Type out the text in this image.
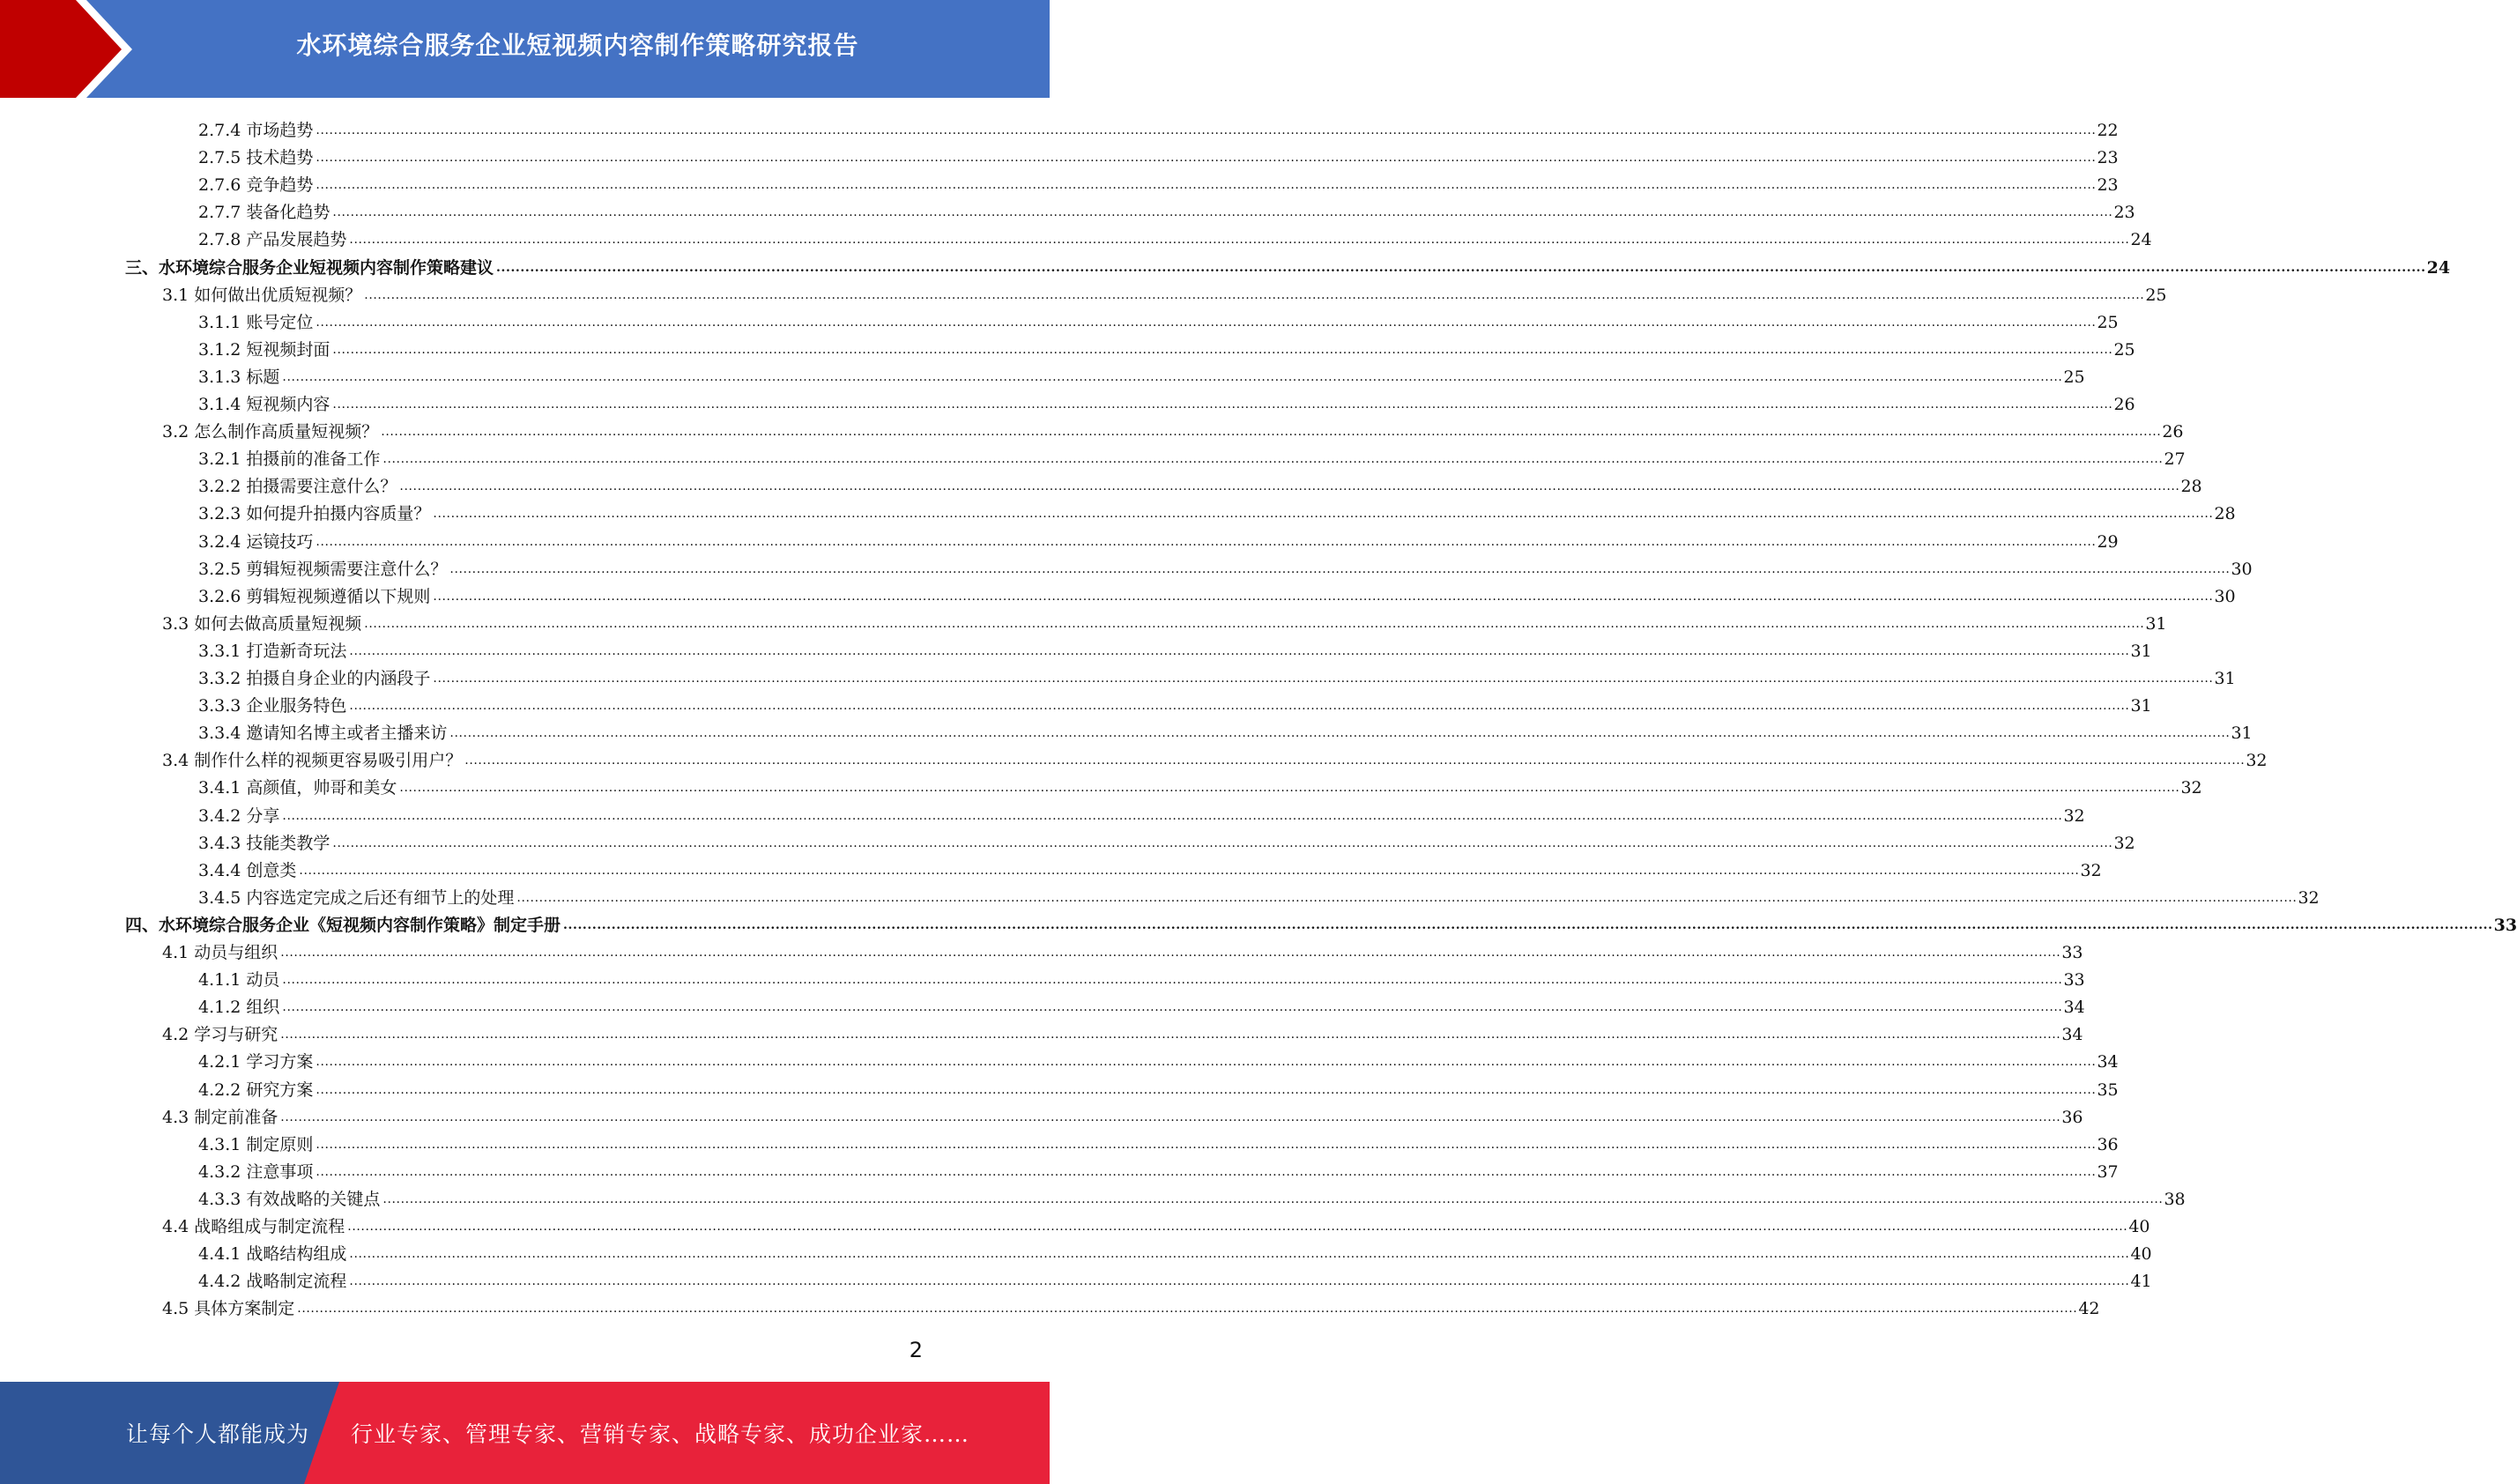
水环境综合服务企业短视频内容制作策略研究报告
2.7.4 市场趋势 ................................................................................................................................................................................................................................................................................................................................................................................................................ 22
2.7.5 技术趋势 ................................................................................................................................................................................................................................................................................................................................................................................................................ 23
2.7.6 竞争趋势 ................................................................................................................................................................................................................................................................................................................................................................................................................ 23
2.7.7 装备化趋势 ................................................................................................................................................................................................................................................................................................................................................................................................................ 23
2.7.8 产品发展趋势 ................................................................................................................................................................................................................................................................................................................................................................................................................ 24
三、水环境综合服务企业短视频内容制作策略建议 ................................................................................................................................................................................................................................................................................................................................................................................................................ 24
3.1 如何做出优质短视频？ ................................................................................................................................................................................................................................................................................................................................................................................................................ 25
3.1.1 账号定位 ................................................................................................................................................................................................................................................................................................................................................................................................................ 25
3.1.2 短视频封面 ................................................................................................................................................................................................................................................................................................................................................................................................................ 25
3.1.3 标题 ................................................................................................................................................................................................................................................................................................................................................................................................................ 25
3.1.4 短视频内容 ................................................................................................................................................................................................................................................................................................................................................................................................................ 26
3.2 怎么制作高质量短视频？ ................................................................................................................................................................................................................................................................................................................................................................................................................ 26
3.2.1 拍摄前的准备工作 ................................................................................................................................................................................................................................................................................................................................................................................................................ 27
3.2.2 拍摄需要注意什么？ ................................................................................................................................................................................................................................................................................................................................................................................................................ 28
3.2.3 如何提升拍摄内容质量？ ................................................................................................................................................................................................................................................................................................................................................................................................................ 28
3.2.4 运镜技巧 ................................................................................................................................................................................................................................................................................................................................................................................................................ 29
3.2.5 剪辑短视频需要注意什么？ ................................................................................................................................................................................................................................................................................................................................................................................................................ 30
3.2.6 剪辑短视频遵循以下规则 ................................................................................................................................................................................................................................................................................................................................................................................................................ 30
3.3 如何去做高质量短视频 ................................................................................................................................................................................................................................................................................................................................................................................................................ 31
3.3.1 打造新奇玩法 ................................................................................................................................................................................................................................................................................................................................................................................................................ 31
3.3.2 拍摄自身企业的内涵段子 ................................................................................................................................................................................................................................................................................................................................................................................................................ 31
3.3.3 企业服务特色 ................................................................................................................................................................................................................................................................................................................................................................................................................ 31
3.3.4 邀请知名博主或者主播来访 ................................................................................................................................................................................................................................................................................................................................................................................................................ 31
3.4 制作什么样的视频更容易吸引用户？ ................................................................................................................................................................................................................................................................................................................................................................................................................ 32
3.4.1 高颜值，帅哥和美女 ................................................................................................................................................................................................................................................................................................................................................................................................................ 32
3.4.2 分享 ................................................................................................................................................................................................................................................................................................................................................................................................................ 32
3.4.3 技能类教学 ................................................................................................................................................................................................................................................................................................................................................................................................................ 32
3.4.4 创意类 ................................................................................................................................................................................................................................................................................................................................................................................................................ 32
3.4.5 内容选定完成之后还有细节上的处理 ................................................................................................................................................................................................................................................................................................................................................................................................................ 32
四、水环境综合服务企业《短视频内容制作策略》制定手册 ................................................................................................................................................................................................................................................................................................................................................................................................................ 33
4.1 动员与组织 ................................................................................................................................................................................................................................................................................................................................................................................................................ 33
4.1.1 动员 ................................................................................................................................................................................................................................................................................................................................................................................................................ 33
4.1.2 组织 ................................................................................................................................................................................................................................................................................................................................................................................................................ 34
4.2 学习与研究 ................................................................................................................................................................................................................................................................................................................................................................................................................ 34
4.2.1 学习方案 ................................................................................................................................................................................................................................................................................................................................................................................................................ 34
4.2.2 研究方案 ................................................................................................................................................................................................................................................................................................................................................................................................................ 35
4.3 制定前准备 ................................................................................................................................................................................................................................................................................................................................................................................................................ 36
4.3.1 制定原则 ................................................................................................................................................................................................................................................................................................................................................................................................................ 36
4.3.2 注意事项 ................................................................................................................................................................................................................................................................................................................................................................................................................ 37
4.3.3 有效战略的关键点 ................................................................................................................................................................................................................................................................................................................................................................................................................ 38
4.4 战略组成与制定流程 ................................................................................................................................................................................................................................................................................................................................................................................................................ 40
4.4.1 战略结构组成 ................................................................................................................................................................................................................................................................................................................................................................................................................ 40
4.4.2 战略制定流程 ................................................................................................................................................................................................................................................................................................................................................................................................................ 41
4.5 具体方案制定 ................................................................................................................................................................................................................................................................................................................................................................................................................ 42
2
让每个人都能成为 行业专家、管理专家、营销专家、战略专家、成功企业家……
